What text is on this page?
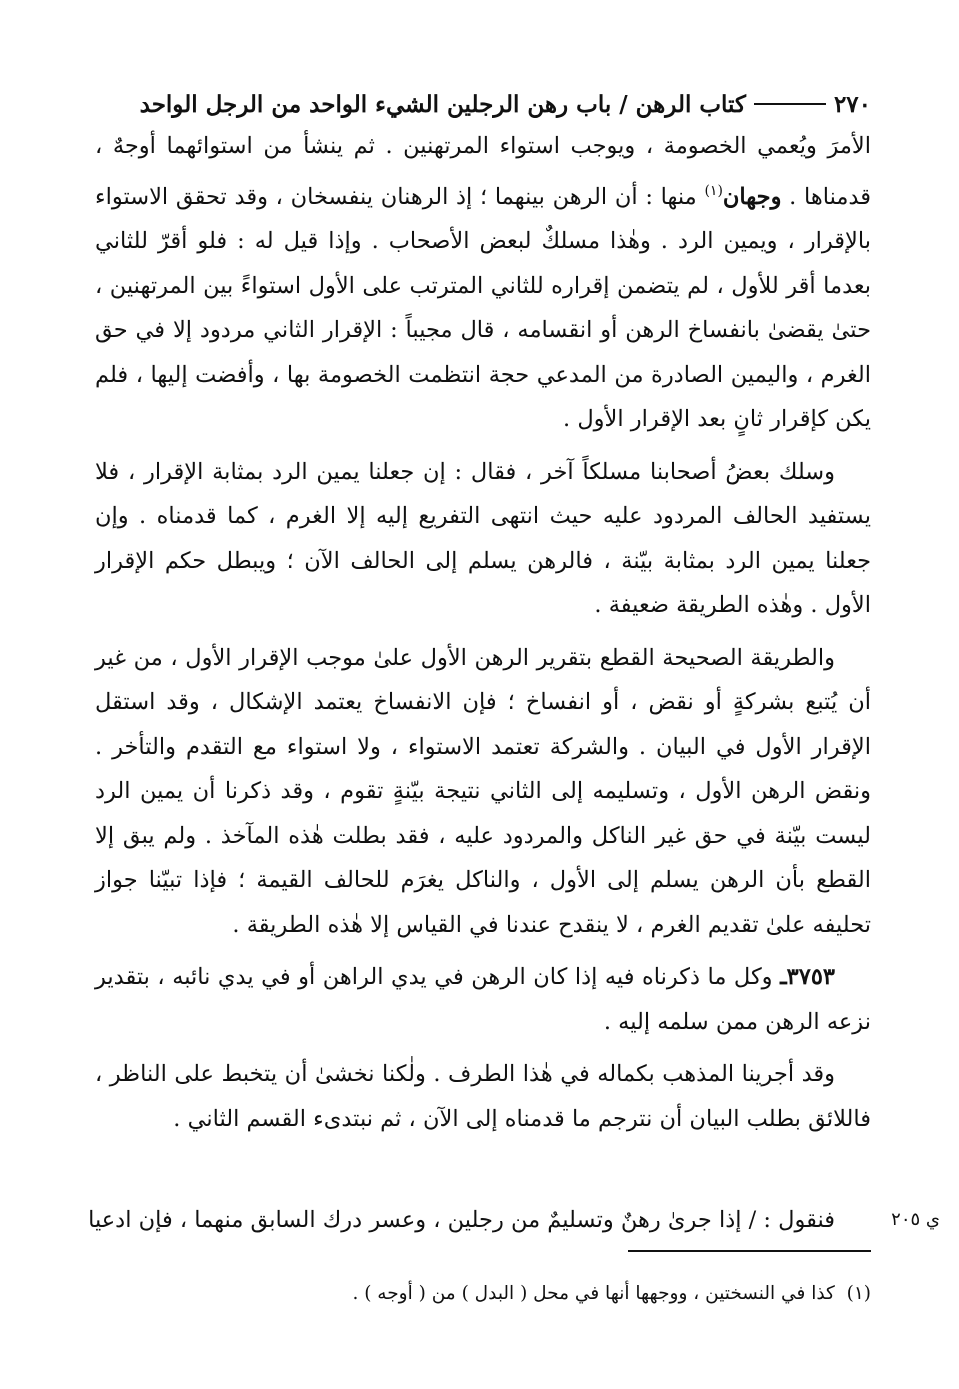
٢٧٠
كتاب الرهن / باب رهن الرجلين الشيء الواحد من الرجل الواحد

الأمرَ ويُعمي الخصومة ، ويوجب استواء المرتهنين . ثم ينشأ من استوائهما أوجهٌ ، قدمناها . وجهان$^{(١)}$ منها : أن الرهن بينهما ؛ إذ الرهنان ينفسخان ، وقد تحقق الاستواء بالإقرار ، ويمين الرد . وهٰذا مسلكٌ لبعض الأصحاب . وإذا قيل له : فلو أقرّ للثاني بعدما أقر للأول ، لم يتضمن إقراره للثاني المترتب على الأول استواءً بين المرتهنين ، حتىٰ يقضىٰ بانفساخ الرهن أو انقسامه ، قال مجيباً : الإقرار الثاني مردود إلا في حق الغرم ، واليمين الصادرة من المدعي حجة انتظمت الخصومة بها ، وأفضت إليها ، فلم يكن كإقرار ثانٍ بعد الإقرار الأول .

وسلك بعضُ أصحابنا مسلكاً آخر ، فقال : إن جعلنا يمين الرد بمثابة الإقرار ، فلا يستفيد الحالف المردود عليه حيث انتهى التفريع إليه إلا الغرم ، كما قدمناه . وإن جعلنا يمين الرد بمثابة بيّنة ، فالرهن يسلم إلى الحالف الآن ؛ ويبطل حكم الإقرار الأول . وهٰذه الطريقة ضعيفة .

والطريقة الصحيحة القطع بتقرير الرهن الأول علىٰ موجب الإقرار الأول ، من غير أن يُتبع بشركةٍ أو نقض ، أو انفساخ ؛ فإن الانفساخ يعتمد الإشكال ، وقد استقل الإقرار الأول في البيان . والشركة تعتمد الاستواء ، ولا استواء مع التقدم والتأخر . ونقض الرهن الأول ، وتسليمه إلى الثاني نتيجة بيّنةٍ تقوم ، وقد ذكرنا أن يمين الرد ليست بيّنة في حق غير الناكل والمردود عليه ، فقد بطلت هٰذه المآخذ . ولم يبق إلا القطع بأن الرهن يسلم إلى الأول ، والناكل يغرَم للحالف القيمة ؛ فإذا تبيّنا جواز تحليفه علىٰ تقديم الغرم ، لا ينقدح عندنا في القياس إلا هٰذه الطريقة .

٣٧٥٣ـ وكل ما ذكرناه فيه إذا كان الرهن في يدي الراهن أو في يدي نائبه ، بتقدير نزعه الرهن ممن سلمه إليه .

وقد أجرينا المذهب بكماله في هٰذا الطرف . ولٰكنا نخشىٰ أن يتخبط على الناظر ، فاللائق بطلب البيان أن نترجم ما قدمناه إلى الآن ، ثم نبتدىء القسم الثاني .

فنقول : / إذا جرىٰ رهنٌ وتسليمٌ من رجلين ، وعسر درك السابق منهما ، فإن ادعيا	ي ٢٠٥
(١)  كذا في النسختين ، ووجهها أنها في محل ( البدل ) من ( أوجه ) .
